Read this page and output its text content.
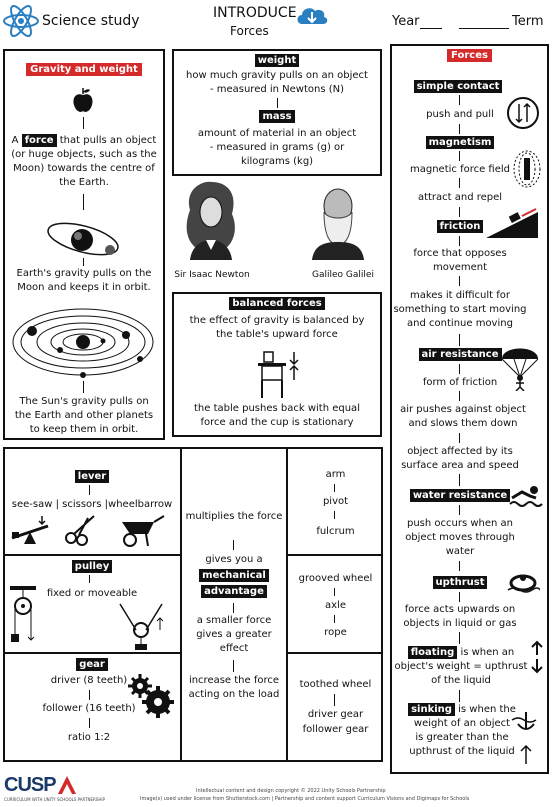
Science study	INTRODUCE
Forces
Year	Term
Gravity and weight
A force that pulls an object (or huge objects, such as the Moon) towards the centre of the Earth.
Earth's gravity pulls on the Moon and keeps it in orbit.
The Sun's gravity pulls on the Earth and other planets to keep them in orbit.
weight
how much gravity pulls on an object
- measured in Newtons (N)
mass
amount of material in an object
- measured in grams (g) or
kilograms (kg)
Sir Isaac Newton	Galileo Galilei
balanced forces
the effect of gravity is balanced by the table's upward force
the table pushes back with equal force and the cup is stationary
Forces
simple contact
push and pull
magnetism
magnetic force field
attract and repel
friction
force that opposes movement
makes it difficult for something to start moving and continue moving
air resistance
form of friction
air pushes against object and slows them down
object affected by its surface area and speed
water resistance
push occurs when an object moves through water
upthrust
force acts upwards on objects in liquid or gas
floating is when an
object's weight = upthrust
of the liquid
sinking is when the
weight of an object
is greater than the
upthrust of the liquid
lever
see-saw | scissors |wheelbarrow
pulley
fixed or moveable
gear
driver (8 teeth)
follower (16 teeth)
ratio 1:2
multiplies the force
gives you a
mechanical
advantage
a smaller force gives a greater effect
increase the force acting on the load
arm
pivot
fulcrum
grooved wheel
axle
rope
toothed wheel
driver gear
follower gear
CUSP
CURRICULUM WITH UNITY SCHOOLS PARTNERSHIP
Intellectual content and design copyright © 2022 Unity Schools Partnership
Image(s) used under license from Shutterstock.com | Partnership and content support Curriculum Visions and Digimaps for Schools
